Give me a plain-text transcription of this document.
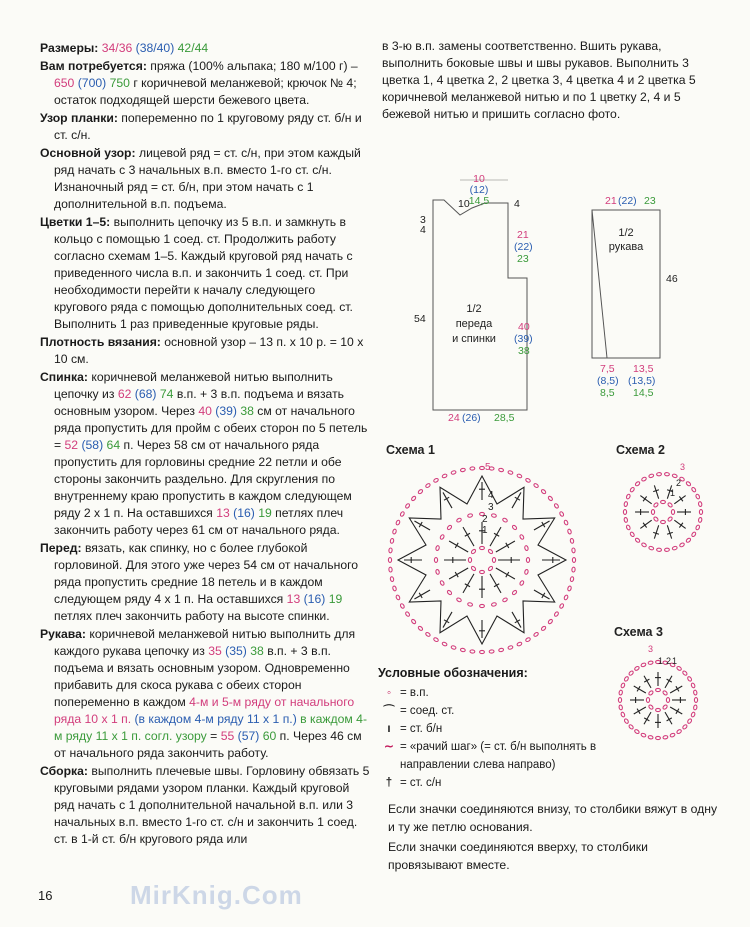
Размеры: 34/36 (38/40) 42/44

Вам потребуется: пряжа (100% альпака; 180 м/100 г) – 650 (700) 750 г коричневой меланжевой; крючок № 4; остаток подходящей шерсти бежевого цвета.

Узор планки: попеременно по 1 круговому ряду ст. б/н и ст. с/н.

Основной узор: лицевой ряд = ст. с/н, при этом каждый ряд начать с 3 начальных в.п. вместо 1-го ст. с/н. Изнаночный ряд = ст. б/н, при этом начать с 1 дополнительной в.п. подъема.

Цветки 1–5: выполнить цепочку из 5 в.п. и замкнуть в кольцо с помощью 1 соед. ст. Продолжить работу согласно схемам 1–5. Каждый круговой ряд начать с приведенного числа в.п. и закончить 1 соед. ст. При необходимости перейти к началу следующего кругового ряда с помощью дополнительных соед. ст. Выполнить 1 раз приведенные круговые ряды.

Плотность вязания: основной узор – 13 п. х 10 р. = 10 х 10 см.

Спинка: коричневой меланжевой нитью выполнить цепочку из 62 (68) 74 в.п. + 3 в.п. подъема и вязать основным узором. Через 40 (39) 38 см от начального ряда пропустить для пройм с обеих сторон по 5 петель = 52 (58) 64 п. Через 58 см от начального ряда пропустить для горловины средние 22 петли и обе стороны закончить раздельно. Для скругления по внутреннему краю пропустить в каждом следующем ряду 2 х 1 п. На оставшихся 13 (16) 19 петлях плеч закончить работу через 61 см от начального ряда.

Перед: вязать, как спинку, но с более глубокой горловиной. Для этого уже через 54 см от начального ряда пропустить средние 18 петель и в каждом следующем ряду 4 х 1 п. На оставшихся 13 (16) 19 петлях плеч закончить работу на высоте спинки.

Рукава: коричневой меланжевой нитью выполнить для каждого рукава цепочку из 35 (35) 38 в.п. + 3 в.п. подъема и вязать основным узором. Одновременно прибавить для скоса рукава с обеих сторон попеременно в каждом 4-м и 5-м ряду от начального ряда 10 х 1 п. (в каждом 4-м ряду 11 х 1 п.) в каждом 4-м ряду 11 х 1 п. согл. узору = 55 (57) 60 п. Через 46 см от начального ряда закончить работу.

Сборка: выполнить плечевые швы. Горловину обвязать 5 круговыми рядами узором планки. Каждый круговой ряд начать с 1 дополнительной начальной в.п. или 3 начальных в.п. вместо 1-го ст. с/н и закончить 1 соед. ст. в 1-й ст. б/н кругового ряда или

в 3-ю в.п. замены соответственно. Вшить рукава, выполнить боковые швы и швы рукавов. Выполнить 3 цветка 1, 4 цветка 2, 2 цветка 3, 4 цветка 4 и 2 цветка 5 коричневой меланжевой нитью и по 1 цветку 2, 4 и 5 бежевой нитью и пришить согласно фото.

10
(12)
14,5
10	4
3
4	21
(22)
23
54
40
(39)
38
1/2
переда
и спинки
24 (26) 28,5
21 (22) 23
1/2
рукава
46
7,5
(8,5)
8,5
13,5
(13,5)
14,5
Схема 1
5
4
3
2
1
Схема 2
3
2
1
Схема 3
3
1 2 1
Условные обозначения:
◦ = в.п.
⌒ = соед. ст.
ı = ст. б/н
∼ = «рачий шаг» (= ст. б/н выполнять в направлении слева направо)
† = ст. с/н

Если значки соединяются внизу, то столбики вяжут в одну и ту же петлю основания.

Если значки соединяются вверху, то столбики провязывают вместе.

16	MirKnig.Com
